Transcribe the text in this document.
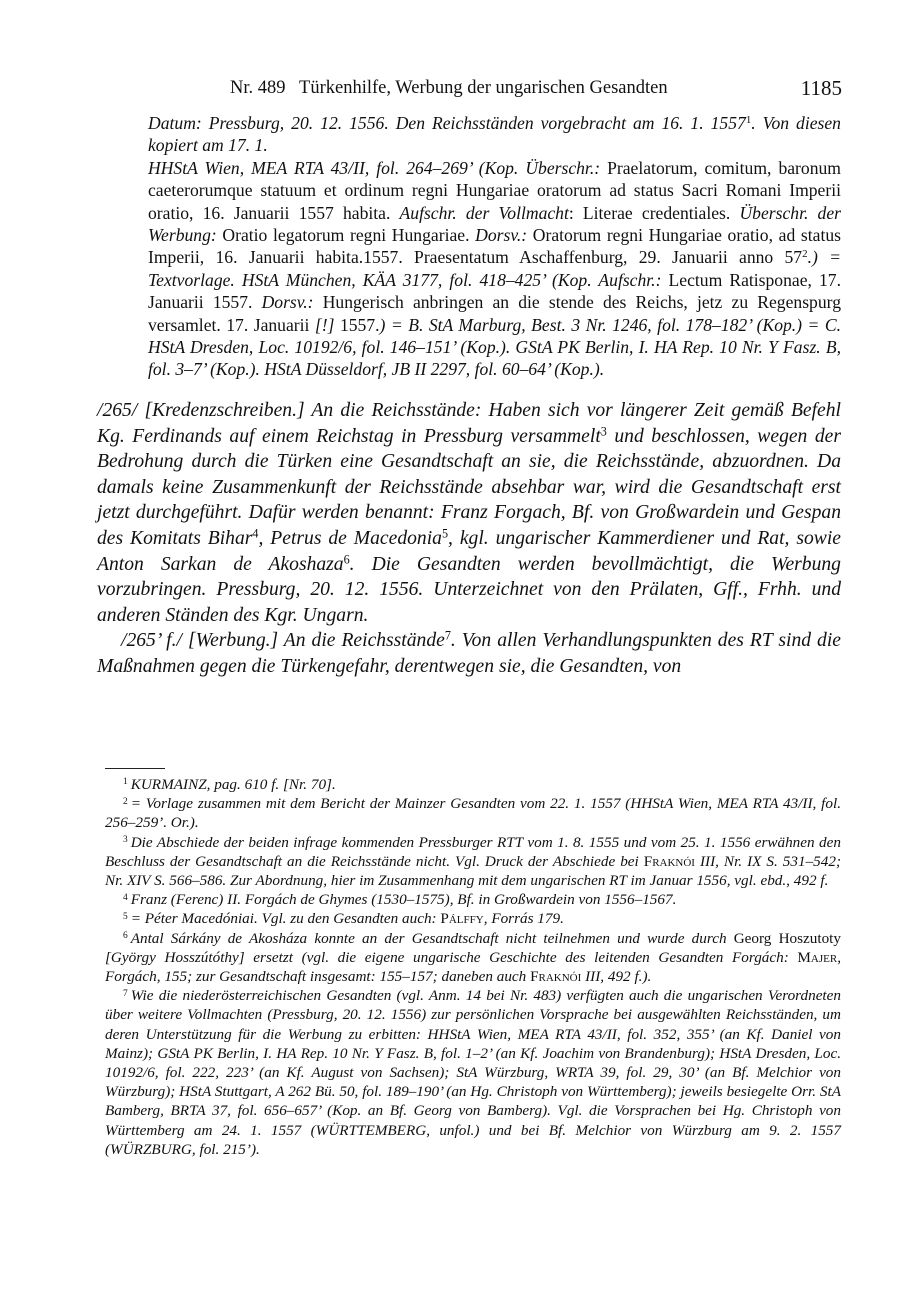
Nr. 489   Türkenhilfe, Werbung der ungarischen Gesandten	1185

Datum: Pressburg, 20. 12. 1556. Den Reichsständen vorgebracht am 16. 1. 1557$^1$. Von diesen kopiert am 17. 1.

HHStA Wien, MEA RTA 43/II, fol. 264–269’ (Kop. Überschr.: Praelatorum, comitum, baronum caeterorumque statuum et ordinum regni Hungariae oratorum ad status Sacri Romani Imperii oratio, 16. Januarii 1557 habita. Aufschr. der Vollmacht: Literae credentiales. Überschr. der Werbung: Oratio legatorum regni Hungariae. Dorsv.: Oratorum regni Hungariae oratio, ad status Imperii, 16. Januarii habita.1557. Praesentatum Aschaffenburg, 29. Januarii anno $57^2$.) = Textvorlage. HStA München, KÄA 3177, fol. 418–425’ (Kop. Aufschr.: Lectum Ratisponae, 17. Januarii 1557. Dorsv.: Hungerisch anbringen an die stende des Reichs, jetz zu Regenspurg versamlet. 17. Januarii [!] 1557.) = B. StA Marburg, Best. 3 Nr. 1246, fol. 178–182’ (Kop.) = C. HStA Dresden, Loc. 10192/6, fol. 146–151’ (Kop.). GStA PK Berlin, I. HA Rep. 10 Nr. Y Fasz. B, fol. 3–7’ (Kop.). HStA Düsseldorf, JB II 2297, fol. 60–64’ (Kop.).

/265/ [Kredenzschreiben.] An die Reichsstände: Haben sich vor längerer Zeit gemäß Befehl Kg. Ferdinands auf einem Reichstag in Pressburg versammelt$^3$ und beschlossen, wegen der Bedrohung durch die Türken eine Gesandtschaft an sie, die Reichsstände, abzuordnen. Da damals keine Zusammenkunft der Reichsstände absehbar war, wird die Gesandtschaft erst jetzt durchgeführt. Dafür werden benannt: Franz Forgach, Bf. von Großwardein und Gespan des Komitats Bihar$^4$, Petrus de Macedonia$^5$, kgl. ungarischer Kammerdiener und Rat, sowie Anton Sarkan de Akoshaza$^6$. Die Gesandten werden bevollmächtigt, die Werbung vorzubringen. Pressburg, 20. 12. 1556. Unterzeichnet von den Prälaten, Gff., Frhh. und anderen Ständen des Kgr. Ungarn.

/265’ f./ [Werbung.] An die Reichsstände$^7$. Von allen Verhandlungspunkten des RT sind die Maßnahmen gegen die Türkengefahr, derentwegen sie, die Gesandten, von

$^1$ KURMAINZ, pag. 610 f. [Nr. 70].

$^2$ = Vorlage zusammen mit dem Bericht der Mainzer Gesandten vom 22. 1. 1557 (HHStA Wien, MEA RTA 43/II, fol. 256–259’. Or.).

$^3$ Die Abschiede der beiden infrage kommenden Pressburger RTT vom 1. 8. 1555 und vom 25. 1. 1556 erwähnen den Beschluss der Gesandtschaft an die Reichsstände nicht. Vgl. Druck der Abschiede bei Fraknói III, Nr. IX S. 531–542; Nr. XIV S. 566–586. Zur Abordnung, hier im Zusammenhang mit dem ungarischen RT im Januar 1556, vgl. ebd., 492 f.

$^4$ Franz (Ferenc) II. Forgách de Ghymes (1530–1575), Bf. in Großwardein von 1556–1567.

$^5$ = Péter Macedóniai. Vgl. zu den Gesandten auch: Pálffy, Forrás 179.

$^6$ Antal Sárkány de Akosháza konnte an der Gesandtschaft nicht teilnehmen und wurde durch Georg Hoszutoty [György Hosszútóthy] ersetzt (vgl. die eigene ungarische Geschichte des leitenden Gesandten Forgách: Majer, Forgách, 155; zur Gesandtschaft insgesamt: 155–157; daneben auch Fraknói III, 492 f.).

$^7$ Wie die niederösterreichischen Gesandten (vgl. Anm. 14 bei Nr. 483) verfügten auch die ungarischen Verordneten über weitere Vollmachten (Pressburg, 20. 12. 1556) zur persönlichen Vorsprache bei ausgewählten Reichsständen, um deren Unterstützung für die Werbung zu erbitten: HHStA Wien, MEA RTA 43/II, fol. 352, 355’ (an Kf. Daniel von Mainz); GStA PK Berlin, I. HA Rep. 10 Nr. Y Fasz. B, fol. 1–2’ (an Kf. Joachim von Brandenburg); HStA Dresden, Loc. 10192/6, fol. 222, 223’ (an Kf. August von Sachsen); StA Würzburg, WRTA 39, fol. 29, 30’ (an Bf. Melchior von Würzburg); HStA Stuttgart, A 262 Bü. 50, fol. 189–190’ (an Hg. Christoph von Württemberg); jeweils besiegelte Orr. StA Bamberg, BRTA 37, fol. 656–657’ (Kop. an Bf. Georg von Bamberg). Vgl. die Vorsprachen bei Hg. Christoph von Württemberg am 24. 1. 1557 (WÜRTTEMBERG, unfol.) und bei Bf. Melchior von Würzburg am 9. 2. 1557 (WÜRZBURG, fol. 215’).
